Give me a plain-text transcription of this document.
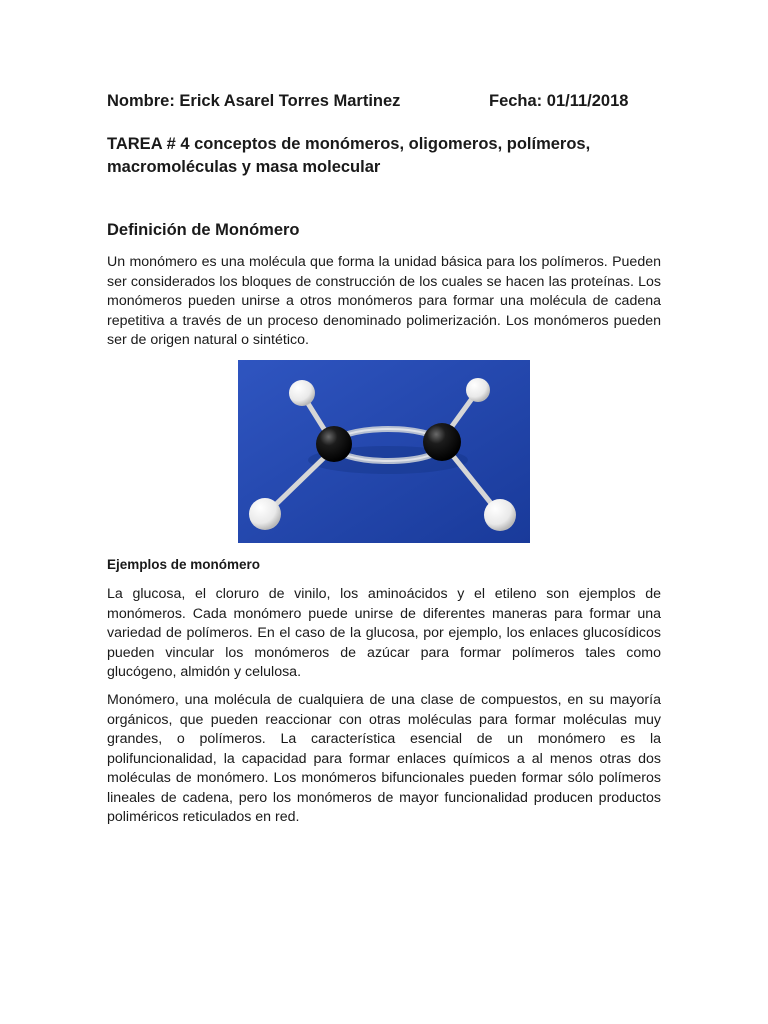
Nombre: Erick Asarel Torres Martinez	Fecha: 01/11/2018
TAREA # 4 conceptos de monómeros, oligomeros, polímeros, macromoléculas y masa molecular
Definición de Monómero

Un monómero es una molécula que forma la unidad básica para los polímeros. Pueden ser considerados los bloques de construcción de los cuales se hacen las proteínas. Los monómeros pueden unirse a otros monómeros para formar una molécula de cadena repetitiva a través de un proceso denominado polimerización. Los monómeros pueden ser de origen natural o sintético.

Ejemplos de monómero

La glucosa, el cloruro de vinilo, los aminoácidos y el etileno son ejemplos de monómeros. Cada monómero puede unirse de diferentes maneras para formar una variedad de polímeros. En el caso de la glucosa, por ejemplo, los enlaces glucosídicos pueden vincular los monómeros de azúcar para formar polímeros tales como glucógeno, almidón y celulosa.

Monómero, una molécula de cualquiera de una clase de compuestos, en su mayoría orgánicos, que pueden reaccionar con otras moléculas para formar moléculas muy grandes, o polímeros. La característica esencial de un monómero es la polifuncionalidad, la capacidad para formar enlaces químicos a al menos otras dos moléculas de monómero. Los monómeros bifuncionales pueden formar sólo polímeros lineales de cadena, pero los monómeros de mayor funcionalidad producen productos poliméricos reticulados en red.
